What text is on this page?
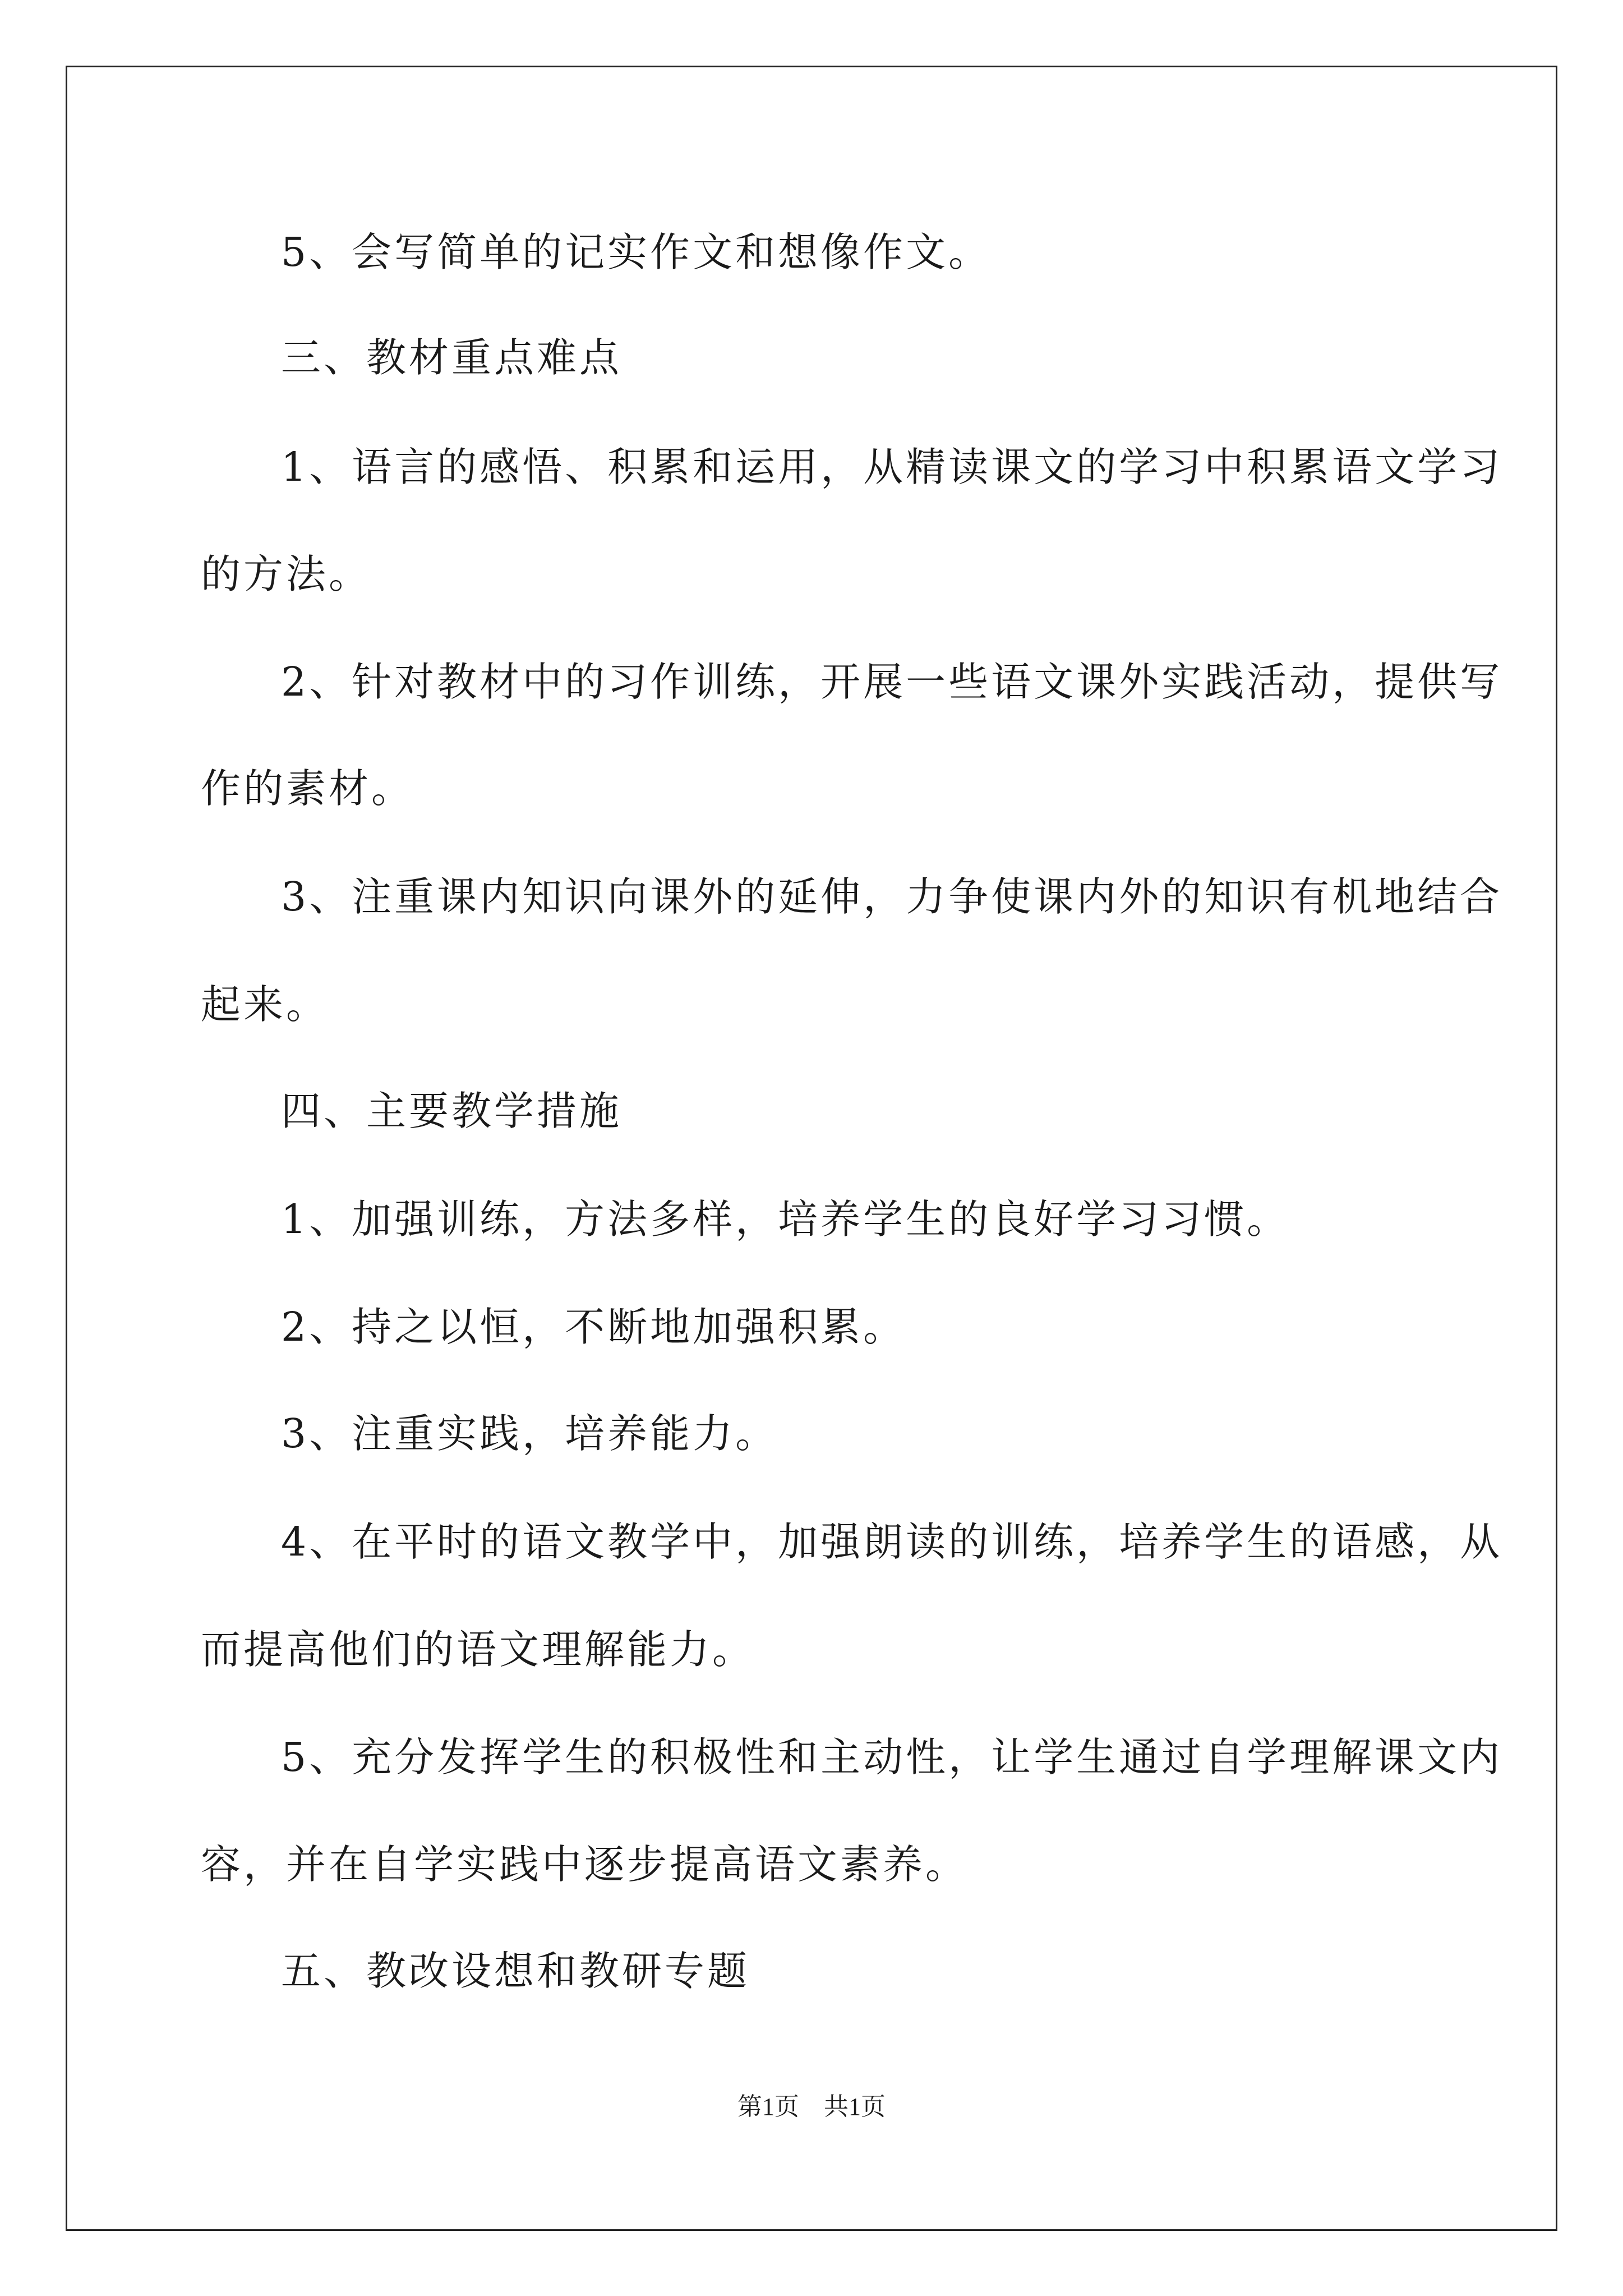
5、会写简单的记实作文和想像作文。

三、教材重点难点

1、语言的感悟、积累和运用，从精读课文的学习中积累语文学习

的方法。

2、针对教材中的习作训练，开展一些语文课外实践活动，提供写

作的素材。

3、注重课内知识向课外的延伸，力争使课内外的知识有机地结合

起来。

四、主要教学措施

1、加强训练，方法多样，培养学生的良好学习习惯。

2、持之以恒，不断地加强积累。

3、注重实践，培养能力。

4、在平时的语文教学中，加强朗读的训练，培养学生的语感，从

而提高他们的语文理解能力。

5、充分发挥学生的积极性和主动性，让学生通过自学理解课文内

容，并在自学实践中逐步提高语文素养。

五、教改设想和教研专题

第1页　共1页
